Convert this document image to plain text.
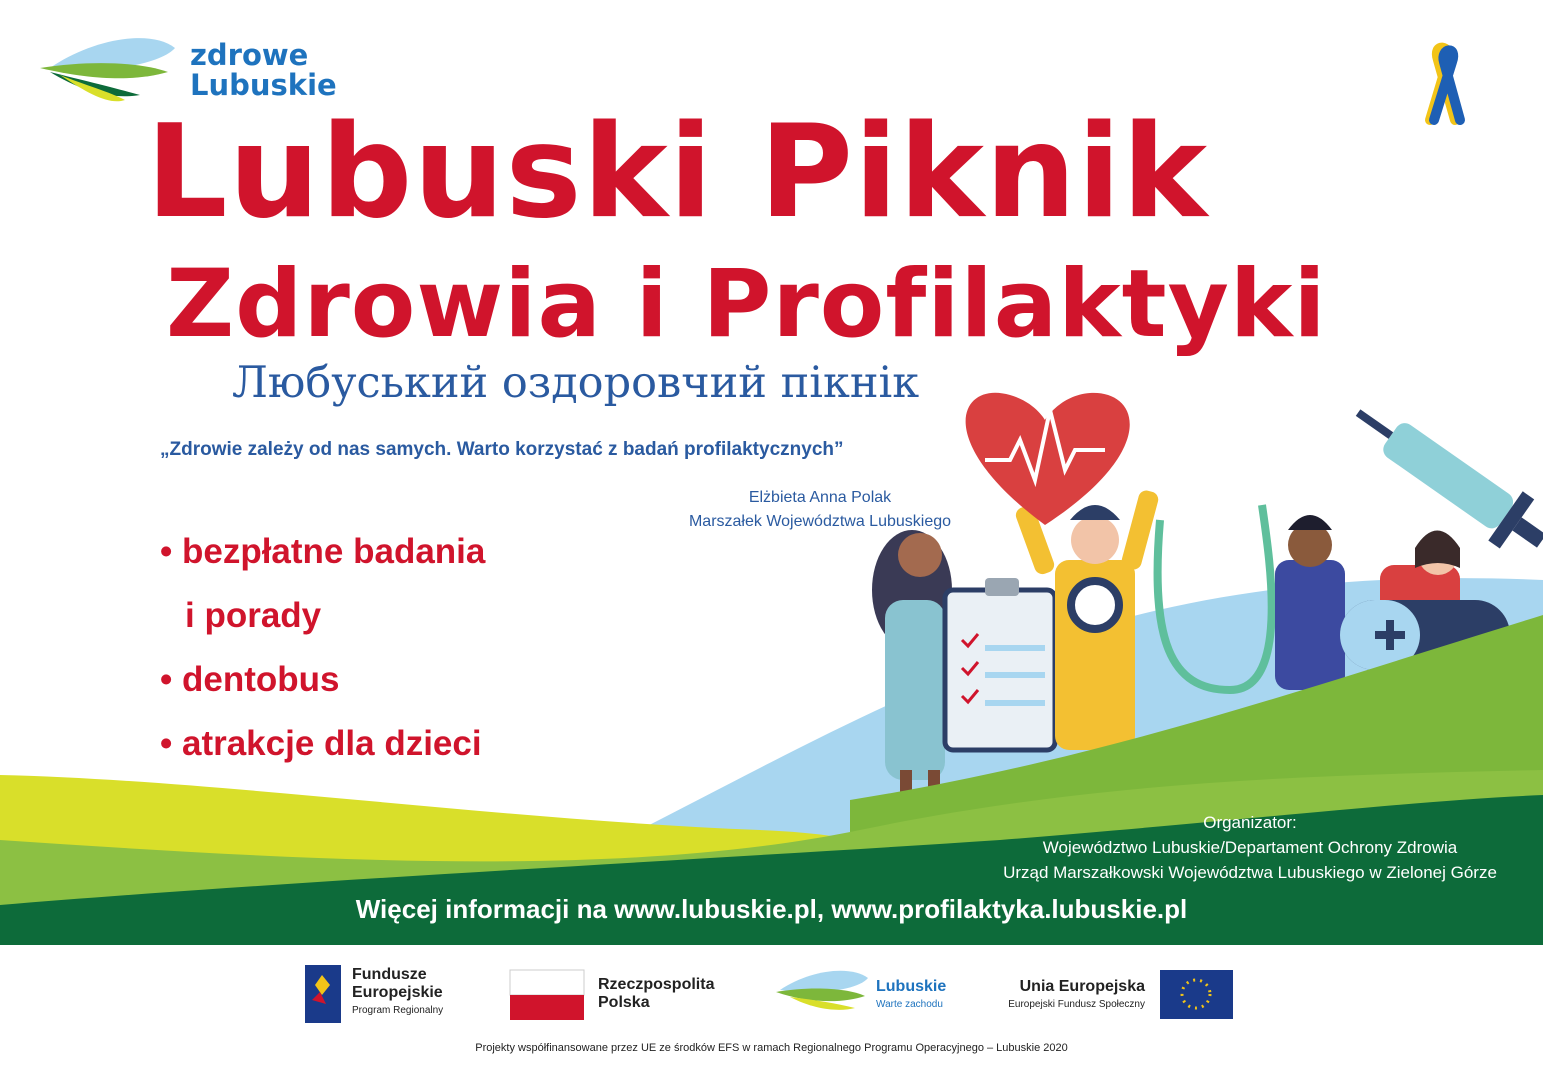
zdrowe
Lubuskie
Lubuski Piknik
Zdrowia i Profilaktyki
Любуський оздоровчий пікнік
„Zdrowie zależy od nas samych. Warto korzystać z badań profilaktycznych”
Elżbieta Anna Polak
Marszałek Województwa Lubuskiego
• bezpłatne badania
i porady
• dentobus
• atrakcje dla dzieci
Organizator:
Województwo Lubuskie/Departament Ochrony Zdrowia
Urząd Marszałkowski Województwa Lubuskiego w Zielonej Górze
Więcej informacji na www.lubuskie.pl, www.profilaktyka.lubuskie.pl
Fundusze
Europejskie
Program Regionalny
Rzeczpospolita
Polska
Lubuskie
Warte zachodu
Unia Europejska
Europejski Fundusz Społeczny
Projekty współfinansowane przez UE ze środków EFS w ramach Regionalnego Programu Operacyjnego – Lubuskie 2020
